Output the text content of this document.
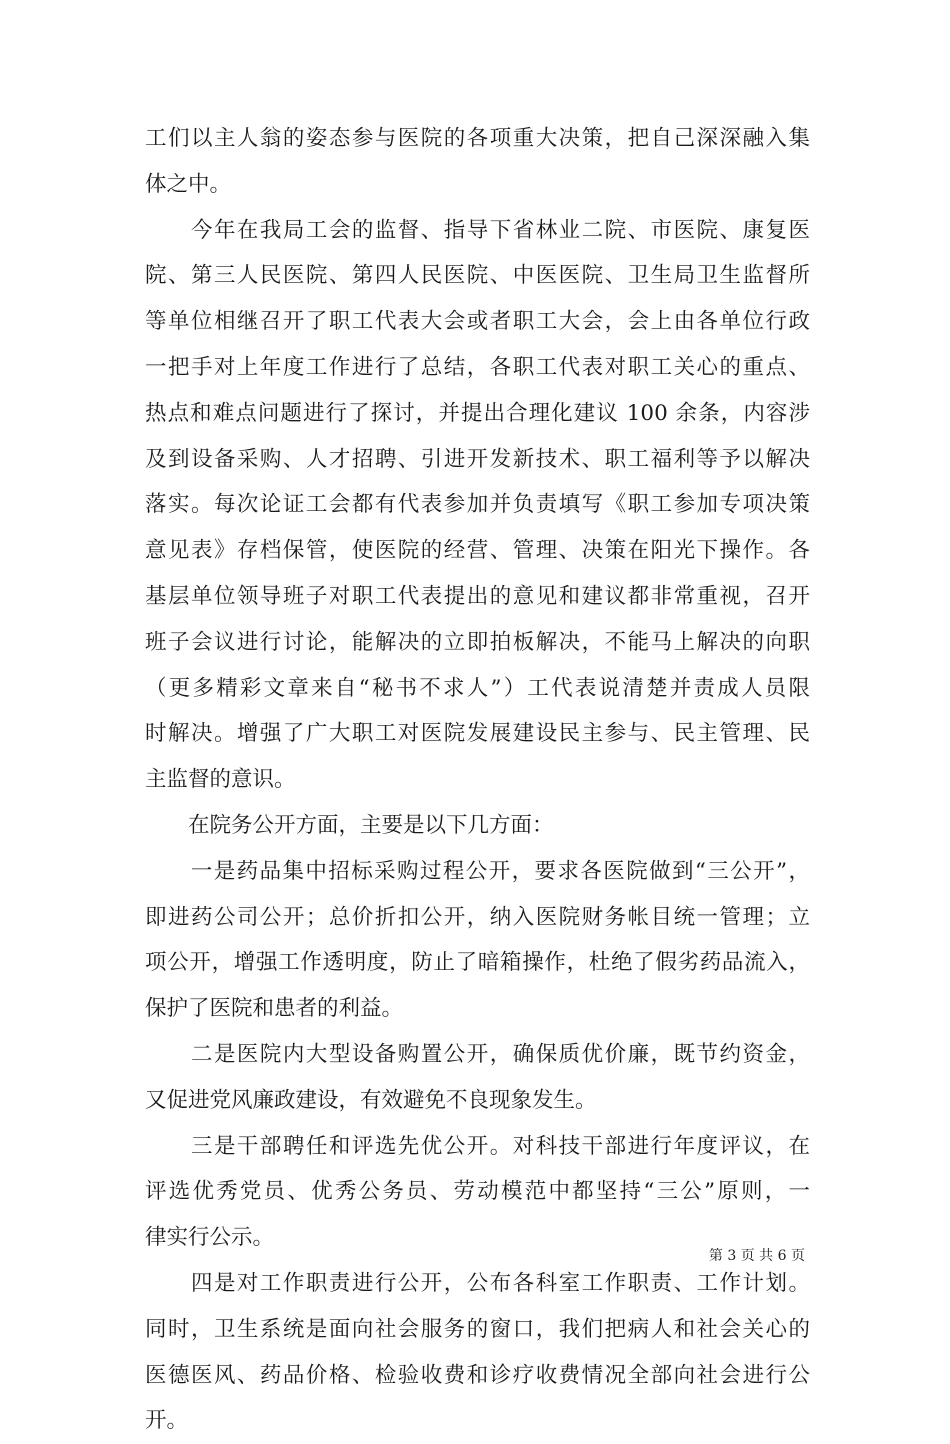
工们以主人翁的姿态参与医院的各项重大决策，把自己深深融入集
体之中。
　　今年在我局工会的监督、指导下省林业二院、市医院、康复医
院、第三人民医院、第四人民医院、中医医院、卫生局卫生监督所
等单位相继召开了职工代表大会或者职工大会，会上由各单位行政
一把手对上年度工作进行了总结，各职工代表对职工关心的重点、
热点和难点问题进行了探讨，并提出合理化建议 100 余条，内容涉
及到设备采购、人才招聘、引进开发新技术、职工福利等予以解决
落实。每次论证工会都有代表参加并负责填写《职工参加专项决策
意见表》存档保管，使医院的经营、管理、决策在阳光下操作。各
基层单位领导班子对职工代表提出的意见和建议都非常重视，召开
班子会议进行讨论，能解决的立即拍板解决，不能马上解决的向职
（更多精彩文章来自“秘书不求人”）工代表说清楚并责成人员限
时解决。增强了广大职工对医院发展建设民主参与、民主管理、民
主监督的意识。
　　在院务公开方面，主要是以下几方面：
　　一是药品集中招标采购过程公开，要求各医院做到“三公开”，
即进药公司公开；总价折扣公开，纳入医院财务帐目统一管理；立
项公开，增强工作透明度，防止了暗箱操作，杜绝了假劣药品流入，
保护了医院和患者的利益。
　　二是医院内大型设备购置公开，确保质优价廉，既节约资金，
又促进党风廉政建设，有效避免不良现象发生。
　　三是干部聘任和评选先优公开。对科技干部进行年度评议，在
评选优秀党员、优秀公务员、劳动模范中都坚持“三公”原则，一
律实行公示。
　　四是对工作职责进行公开，公布各科室工作职责、工作计划。
同时，卫生系统是面向社会服务的窗口，我们把病人和社会关心的
医德医风、药品价格、检验收费和诊疗收费情况全部向社会进行公
开。
第 3 页 共 6 页
